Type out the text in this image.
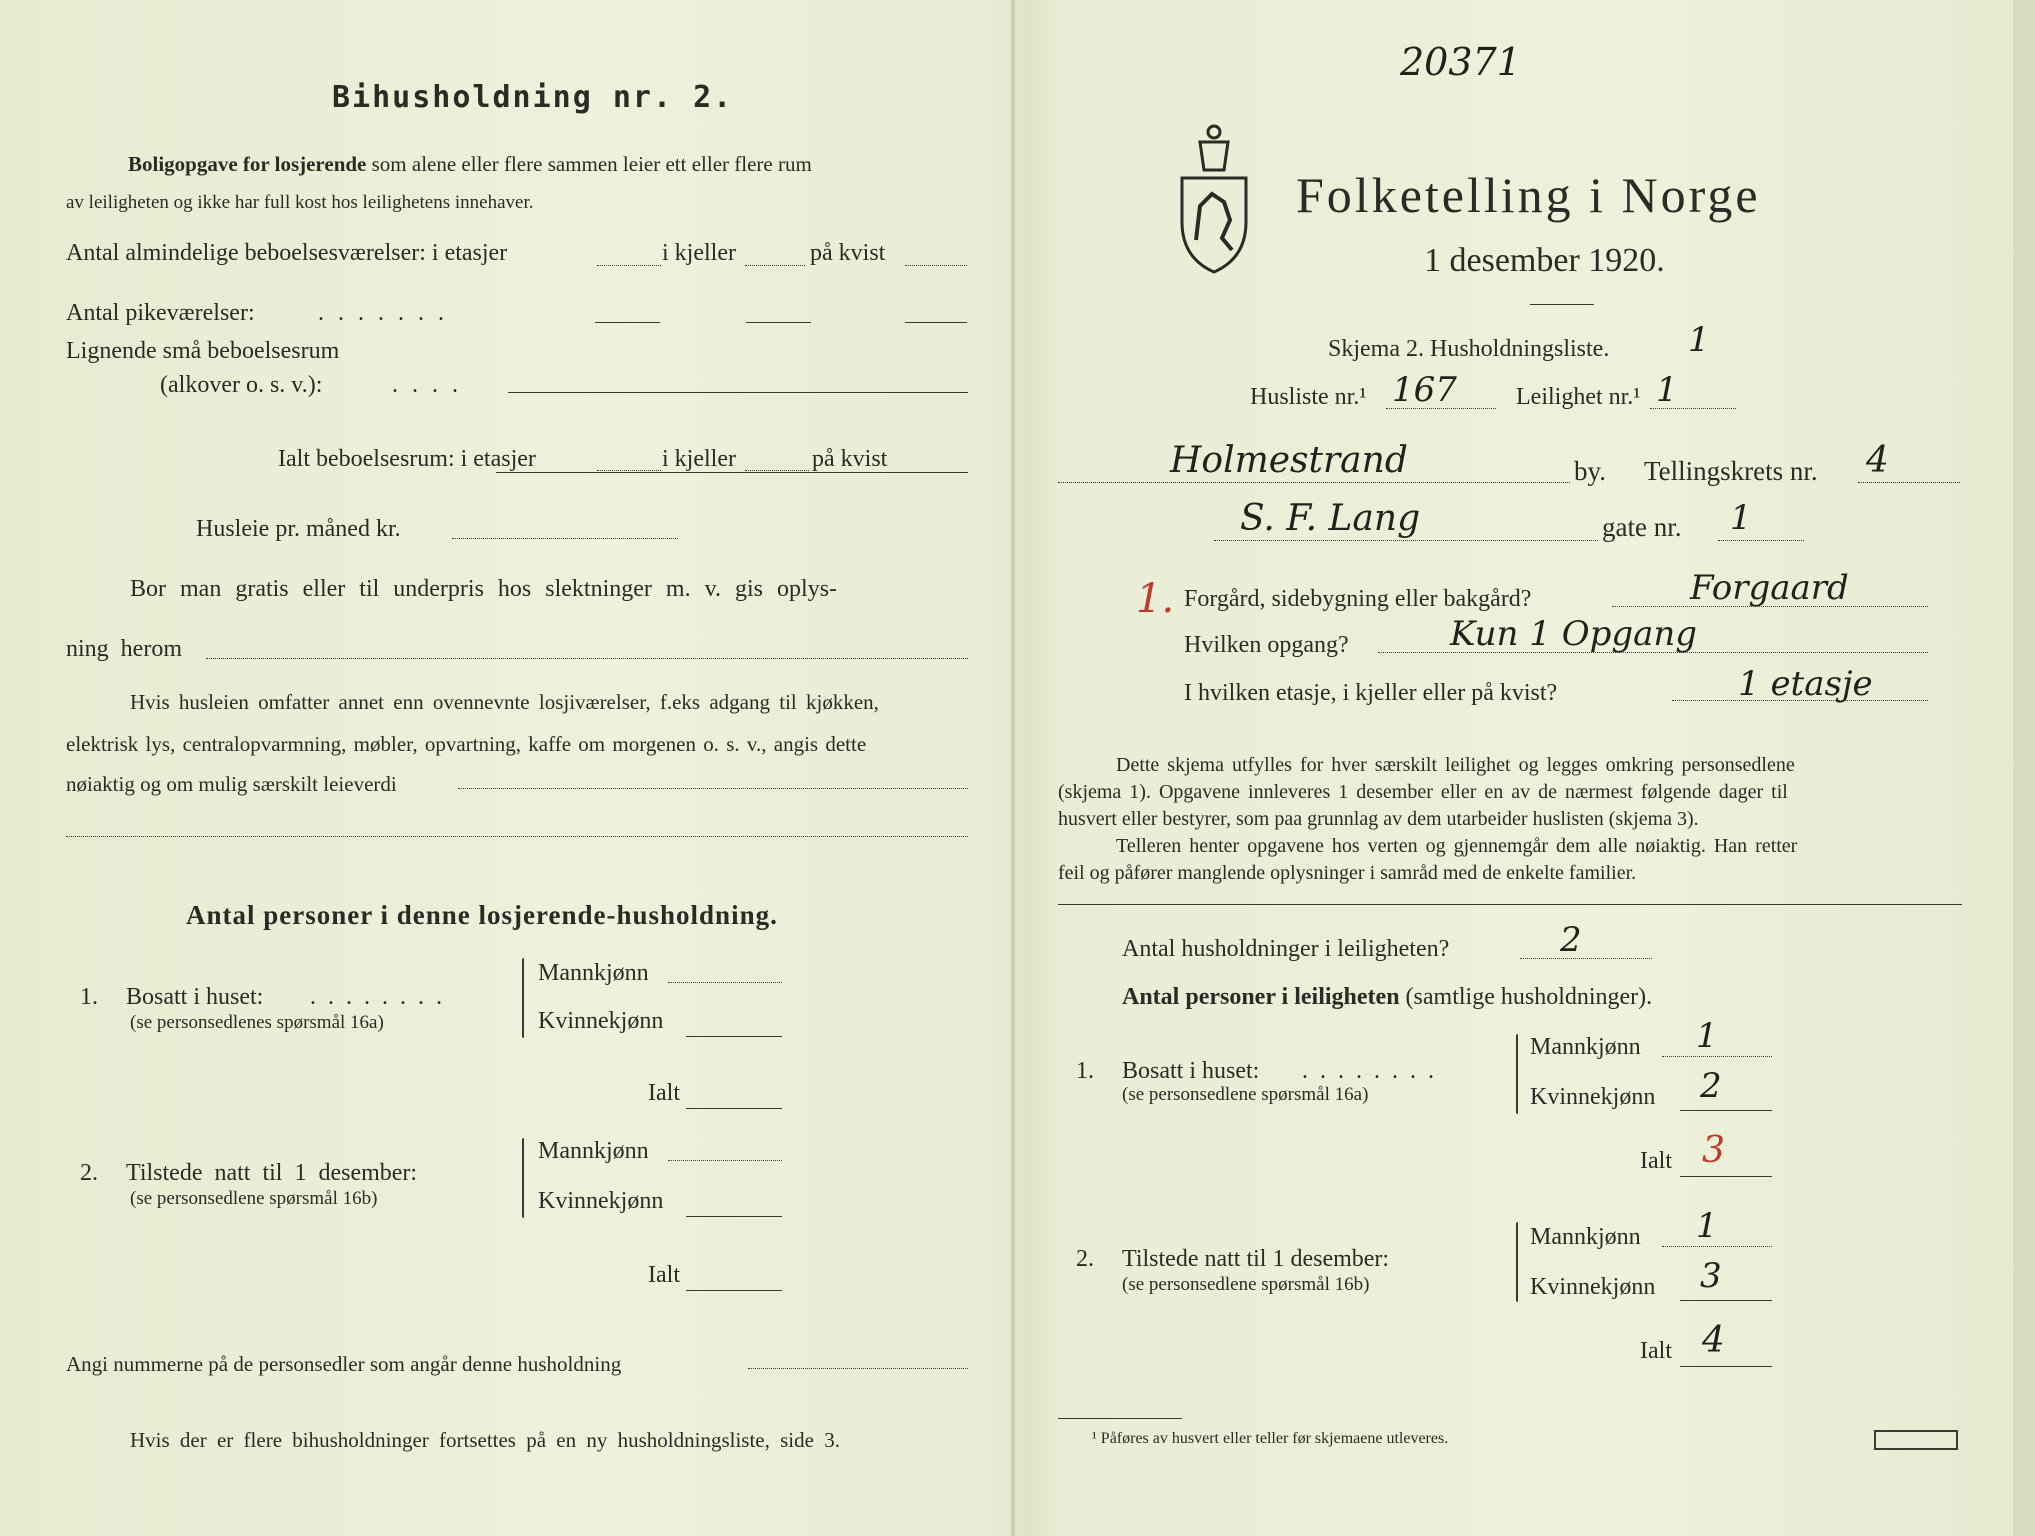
Bihusholdning nr. 2.
Boligopgave for losjerende som alene eller flere sammen leier ett eller flere rum
av leiligheten og ikke har full kost hos leilighetens innehaver.
Antal almindelige beboelsesværelser: i etasjer	i kjeller	på kvist
Antal pikeværelser:	.......
Lignende små beboelsesrum
(alkover o. s. v.):	....
Ialt beboelsesrum: i etasjer	i kjeller	på kvist
Husleie pr. måned kr.
Bor man gratis eller til underpris hos slektninger m. v. gis oplys-
ning herom
Hvis husleien omfatter annet enn ovennevnte losjiværelser, f.eks adgang til kjøkken,
elektrisk lys, centralopvarmning, møbler, opvartning, kaffe om morgenen o. s. v., angis dette
nøiaktig og om mulig særskilt leieverdi
Antal personer i denne losjerende-husholdning.
1. Bosatt i huset: ........
(se personsedlenes spørsmål 16a)
Mannkjønn
Kvinnekjønn
Ialt
2. Tilstede natt til 1 desember:
(se personsedlene spørsmål 16b)
Mannkjønn
Kvinnekjønn
Ialt
Angi nummerne på de personsedler som angår denne husholdning
Hvis der er flere bihusholdninger fortsettes på en ny husholdningsliste, side 3.
20371
Folketelling i Norge
1 desember 1920.
Skjema 2. Husholdningsliste. 1
Husliste nr.¹ 167 Leilighet nr.¹ 1
Holmestrand	by. Tellingskrets nr. 4
S. F. Lang	gate nr. 1
1. Forgård, sidebygning eller bakgård?	Forgaard
Hvilken opgang?	Kun 1 Opgang
I hvilken etasje, i kjeller eller på kvist?	1 etasje
Dette skjema utfylles for hver særskilt leilighet og legges omkring personsedlene
(skjema 1). Opgavene innleveres 1 desember eller en av de nærmest følgende dager til
husvert eller bestyrer, som paa grunnlag av dem utarbeider huslisten (skjema 3).
Telleren henter opgavene hos verten og gjennemgår dem alle nøiaktig. Han retter
feil og påfører manglende oplysninger i samråd med de enkelte familier.
Antal husholdninger i leiligheten?	2
Antal personer i leiligheten (samtlige husholdninger).
1. Bosatt i huset: ........
(se personsedlene spørsmål 16a)
Mannkjønn 1
Kvinnekjønn 2
Ialt 3
2. Tilstede natt til 1 desember:
(se personsedlene spørsmål 16b)
Mannkjønn 1
Kvinnekjønn 3
Ialt 4
¹ Påføres av husvert eller teller før skjemaene utleveres.
